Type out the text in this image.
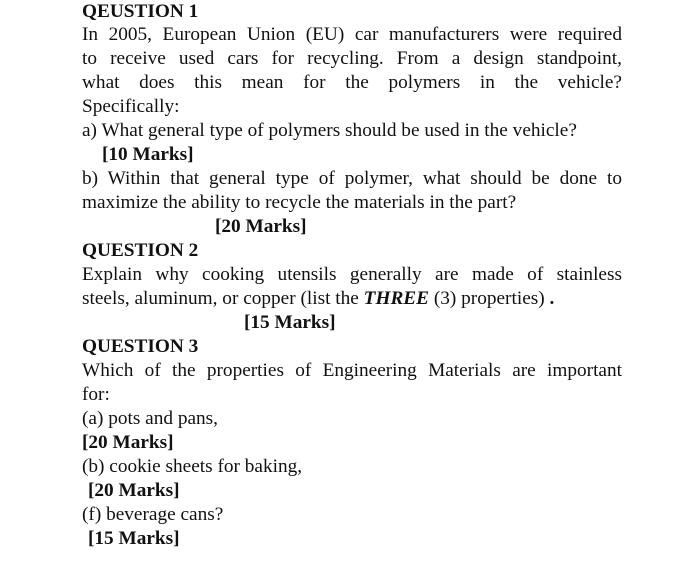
QEUSTION 1
In 2005, European Union (EU) car manufacturers were required
to receive used cars for recycling. From a design standpoint,
what does this mean for the polymers in the vehicle?
Specifically:
a) What general type of polymers should be used in the vehicle?
[10 Marks]
b) Within that general type of polymer, what should be done to
maximize the ability to recycle the materials in the part?
[20 Marks]
QUESTION 2
Explain why cooking utensils generally are made of stainless
steels, aluminum, or copper (list the THREE (3) properties) .
[15 Marks]
QUESTION 3
Which of the properties of Engineering Materials are important
for:
(a) pots and pans,
[20 Marks]
(b) cookie sheets for baking,
[20 Marks]
(f) beverage cans?
[15 Marks]
